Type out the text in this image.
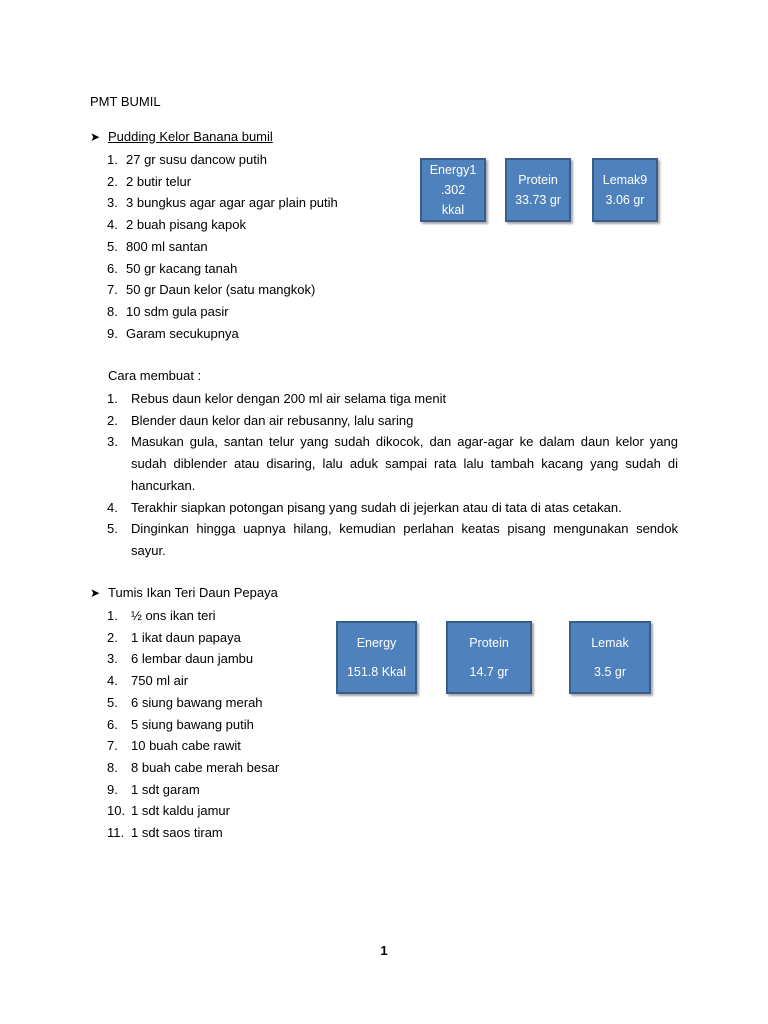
PMT BUMIL
➤ Pudding Kelor Banana bumil
1. 27 gr susu dancow putih
2. 2 butir telur
3. 3 bungkus agar agar agar plain putih
4. 2 buah pisang kapok
5. 800 ml santan
6. 50 gr kacang tanah
7. 50 gr Daun kelor (satu mangkok)
8. 10 sdm gula pasir
9. Garam secukupnya
Energy1
.302
kkal
Protein
33.73 gr
Lemak9
3.06 gr
Cara membuat :
1. Rebus daun kelor dengan 200 ml air selama tiga menit
2. Blender daun kelor dan air rebusanny, lalu saring
3. Masukan gula, santan telur yang sudah dikocok, dan agar-agar ke dalam daun kelor yang sudah diblender atau disaring, lalu aduk sampai rata lalu tambah kacang yang sudah di hancurkan.
4. Terakhir siapkan potongan pisang yang sudah di jejerkan atau di tata di atas cetakan.
5. Dinginkan hingga uapnya hilang, kemudian perlahan keatas pisang mengunakan sendok sayur.
➤ Tumis Ikan Teri Daun Pepaya
1. ½ ons ikan teri
2. 1 ikat daun papaya
3. 6 lembar daun jambu
4. 750 ml air
5. 6 siung bawang merah
6. 5 siung bawang putih
7. 10 buah cabe rawit
8. 8 buah cabe merah besar
9. 1 sdt garam
10. 1 sdt kaldu jamur
11. 1 sdt saos tiram
Energy
151.8 Kkal
Protein
14.7 gr
Lemak
3.5 gr
1
